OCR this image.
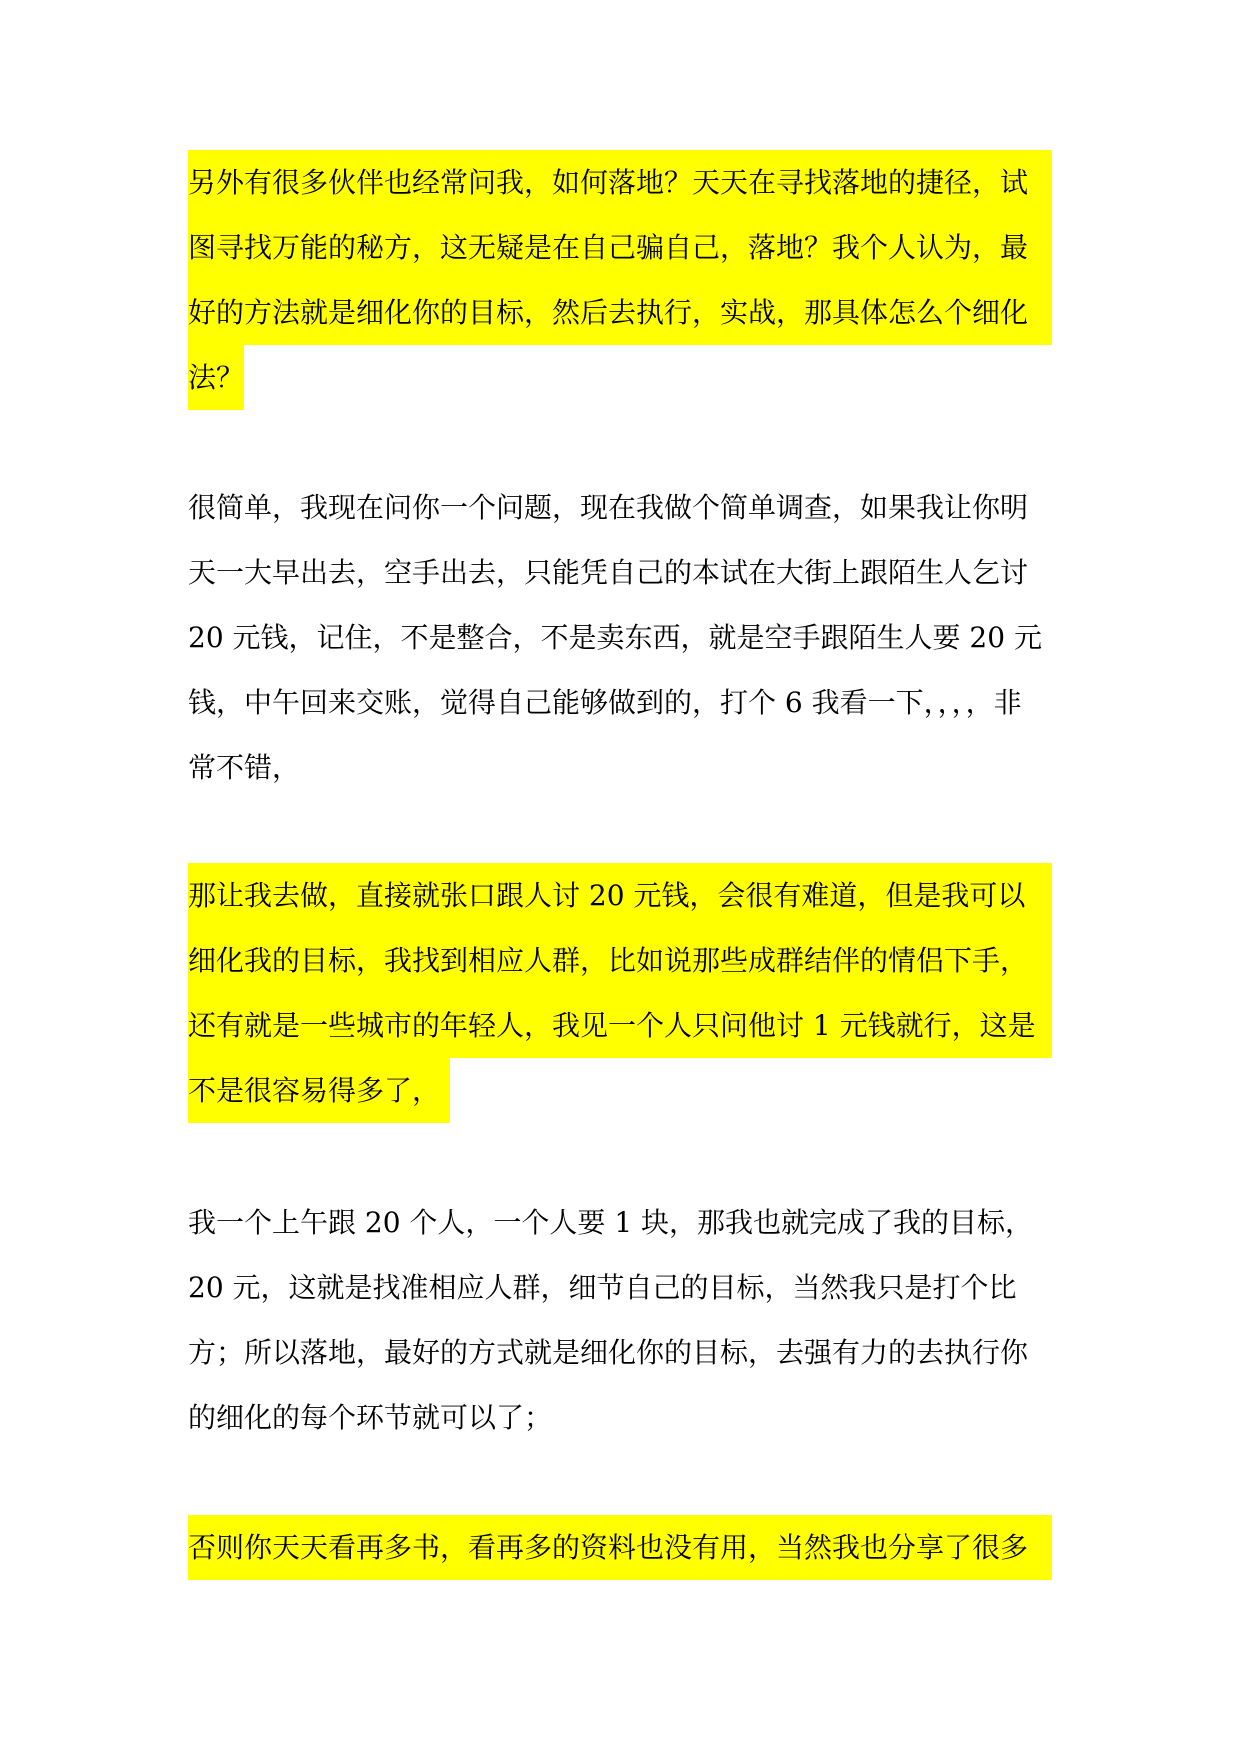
另外有很多伙伴也经常问我，如何落地？天天在寻找落地的捷径，试
图寻找万能的秘方，这无疑是在自己骗自己，落地？我个人认为，最
好的方法就是细化你的目标，然后去执行，实战，那具体怎么个细化
法？
很简单，我现在问你一个问题，现在我做个简单调查，如果我让你明
天一大早出去，空手出去，只能凭自己的本试在大街上跟陌生人乞讨
20 元钱，记住，不是整合，不是卖东西，就是空手跟陌生人要 20 元
钱，中午回来交账，觉得自己能够做到的，打个 6 我看一下，，，，非
常不错，
那让我去做，直接就张口跟人讨 20 元钱，会很有难道，但是我可以
细化我的目标，我找到相应人群，比如说那些成群结伴的情侣下手，
还有就是一些城市的年轻人，我见一个人只问他讨 1 元钱就行，这是
不是很容易得多了，
我一个上午跟 20 个人，一个人要 1 块，那我也就完成了我的目标，
20 元，这就是找准相应人群，细节自己的目标，当然我只是打个比
方；所以落地，最好的方式就是细化你的目标，去强有力的去执行你
的细化的每个环节就可以了；
否则你天天看再多书，看再多的资料也没有用，当然我也分享了很多
